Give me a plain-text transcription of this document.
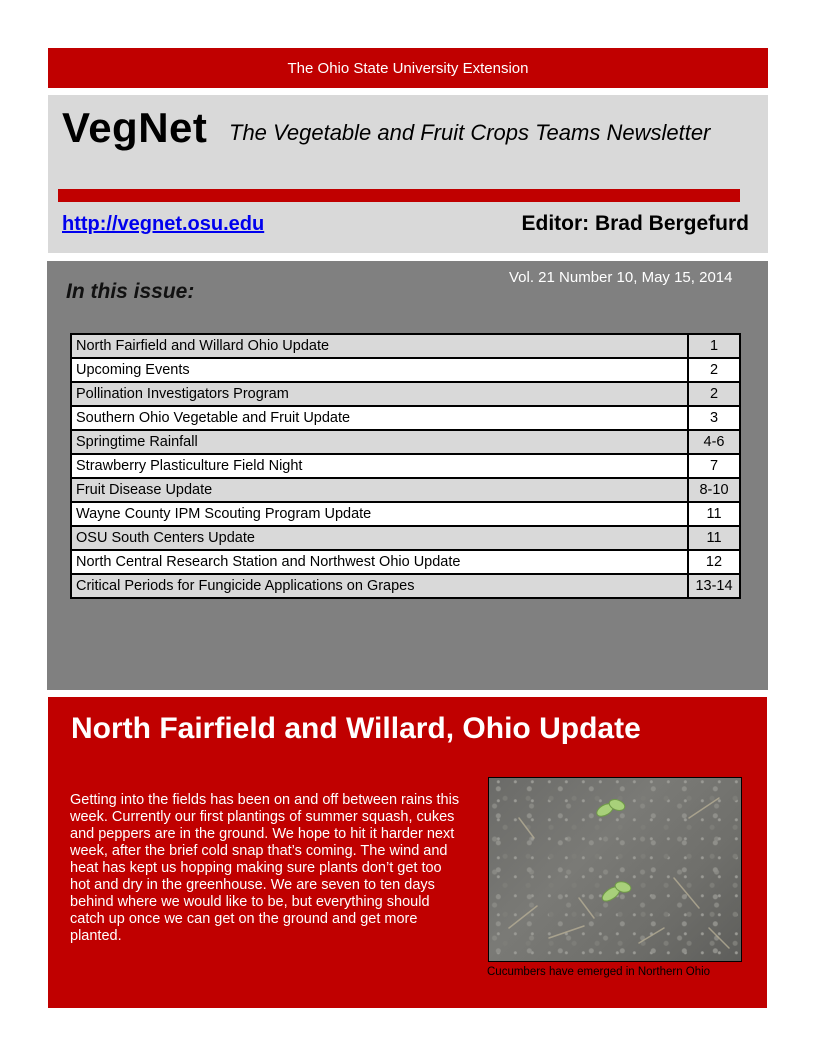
The Ohio State University Extension
VegNet The Vegetable and Fruit Crops Teams Newsletter
http://vegnet.osu.edu	Editor: Brad Bergefurd
In this issue:
Vol. 21 Number 10, May 15, 2014
North Fairfield and Willard Ohio Update	1
Upcoming Events	2
Pollination Investigators Program	2
Southern Ohio Vegetable and Fruit Update	3
Springtime Rainfall	4-6
Strawberry Plasticulture Field Night	7
Fruit Disease Update	8-10
Wayne County IPM Scouting Program Update	11
OSU South Centers Update	11
North Central Research Station and Northwest Ohio Update	12
Critical Periods for Fungicide Applications on Grapes	13-14
North Fairfield and Willard, Ohio Update
Getting into the fields has been on and off between rains this week. Currently our first plantings of summer squash, cukes and peppers are in the ground. We hope to hit it harder next week, after the brief cold snap that’s coming. The wind and heat has kept us hopping making sure plants don’t get too hot and dry in the greenhouse. We are seven to ten days behind where we would like to be, but everything should catch up once we can get on the ground and get more planted.
Cucumbers have emerged in Northern Ohio
